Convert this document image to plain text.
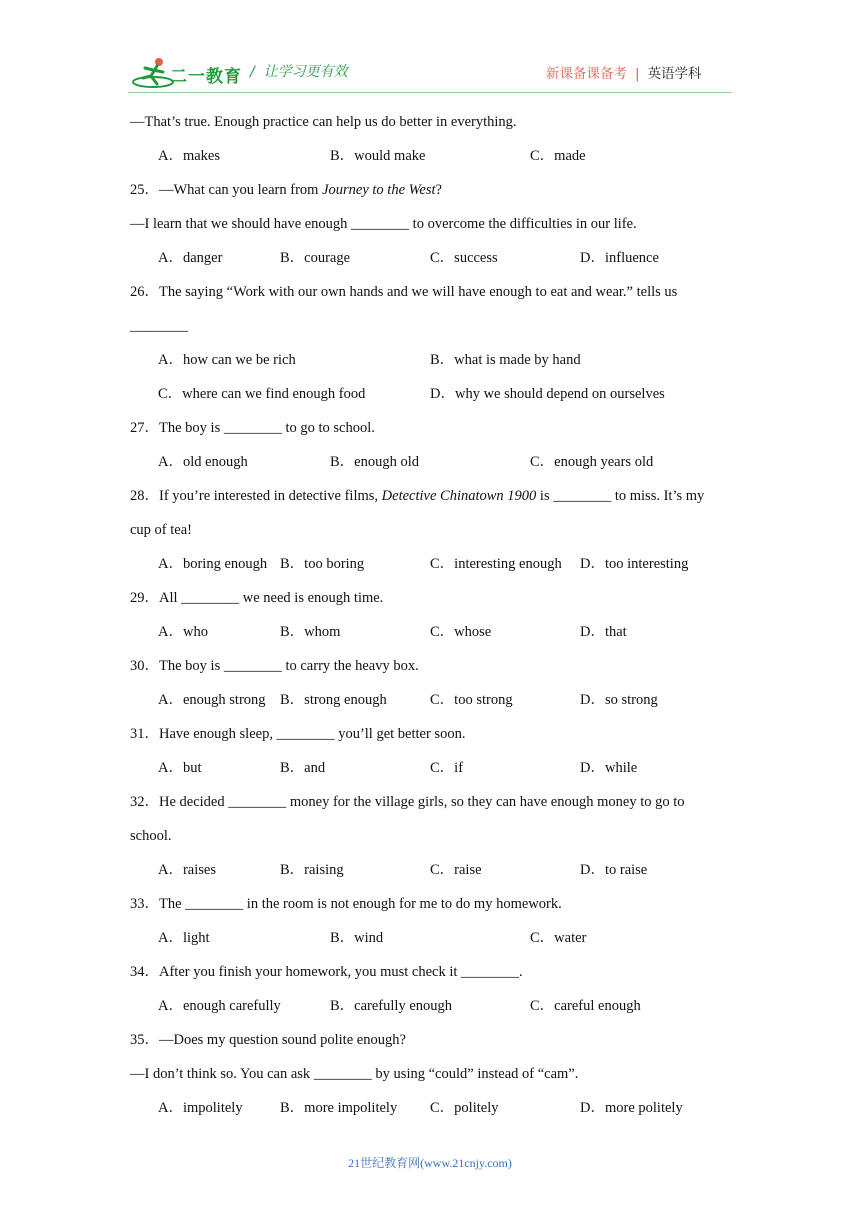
二一教育 /  让学习更有效	新课备课备考 | 英语学科
—That’s true. Enough practice can help us do better in everything.
A．makes	B．would make	C．made
25．—What can you learn from Journey to the West?
—I learn that we should have enough ________ to overcome the difficulties in our life.
A．danger	B．courage	C．success	D．influence
26．The saying “Work with our own hands and we will have enough to eat and wear.” tells us
________
A．how can we be rich	B．what is made by hand
C．where can we find enough food	D．why we should depend on ourselves
27．The boy is ________ to go to school.
A．old enough	B．enough old	C．enough years old
28．If you’re interested in detective films, Detective Chinatown 1900 is ________ to miss. It’s my
cup of tea!
A．boring enough B．too boring	C．interesting enough D．too interesting
29．All ________ we need is enough time.
A．who	B．whom	C．whose	D．that
30．The boy is ________ to carry the heavy box.
A．enough strong B．strong enough	C．too strong	D．so strong
31．Have enough sleep, ________ you’ll get better soon.
A．but	B．and	C．if	D．while
32．He decided ________ money for the village girls, so they can have enough money to go to
school.
A．raises	B．raising	C．raise	D．to raise
33．The ________ in the room is not enough for me to do my homework.
A．light	B．wind	C．water
34．After you finish your homework, you must check it ________.
A．enough carefully	B．carefully enough	C．careful enough
35．—Does my question sound polite enough?
—I don’t think so. You can ask ________ by using “could” instead of “cam”.
A．impolitely	B．more impolitely C．politely	D．more politely
21世纪教育网(www.21cnjy.com)
